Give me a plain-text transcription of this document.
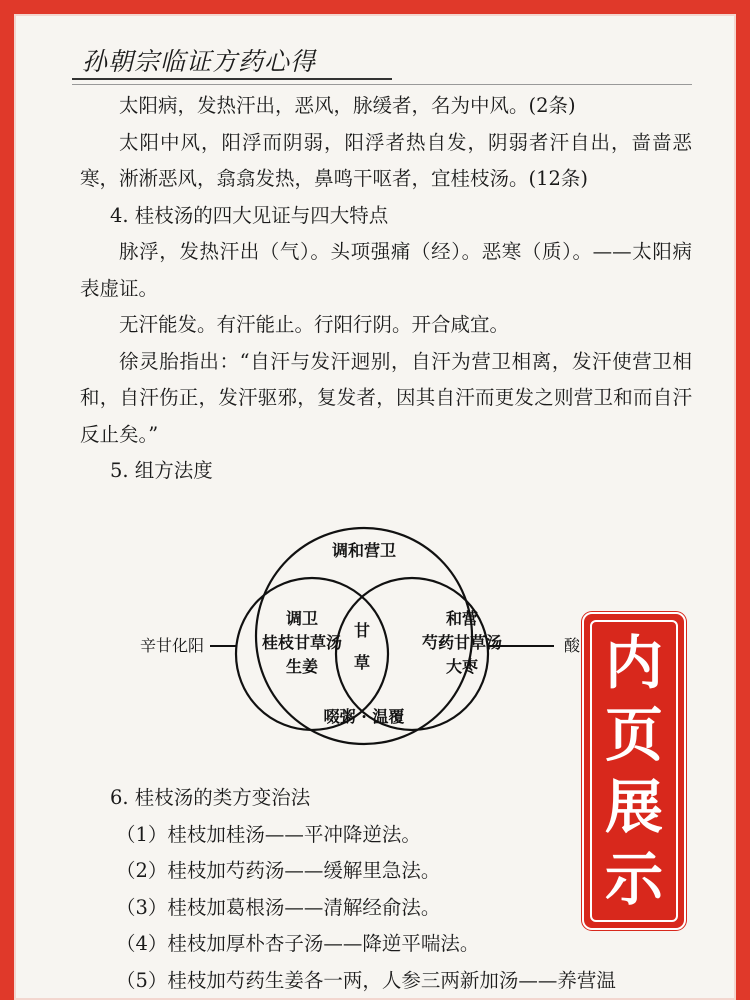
孙朝宗临证方药心得

太阳病，发热汗出，恶风，脉缓者，名为中风。(2条)

太阳中风，阳浮而阴弱，阳浮者热自发，阴弱者汗自出，啬啬恶寒，淅淅恶风，翕翕发热，鼻鸣干呕者，宜桂枝汤。(12条)

4. 桂枝汤的四大见证与四大特点

脉浮，发热汗出（气）。头项强痛（经）。恶寒（质）。——太阳病表虚证。

无汗能发。有汗能止。行阳行阴。开合咸宜。

徐灵胎指出：“自汗与发汗迥别，自汗为营卫相离，发汗使营卫相和，自汗伤正，发汗驱邪，复发者，因其自汗而更发之则营卫和而自汗反止矣。”

5. 组方法度

调和营卫
调卫
桂枝甘草汤
生姜
甘
草
和营
芍药甘草汤
大枣
啜粥 · 温覆
辛甘化阳	酸

6. 桂枝汤的类方变治法

（1）桂枝加桂汤——平冲降逆法。

（2）桂枝加芍药汤——缓解里急法。

（3）桂枝加葛根汤——清解经俞法。

（4）桂枝加厚朴杏子汤——降逆平喘法。

（5）桂枝加芍药生姜各一两，人参三两新加汤——养营温

内
页
展
示
